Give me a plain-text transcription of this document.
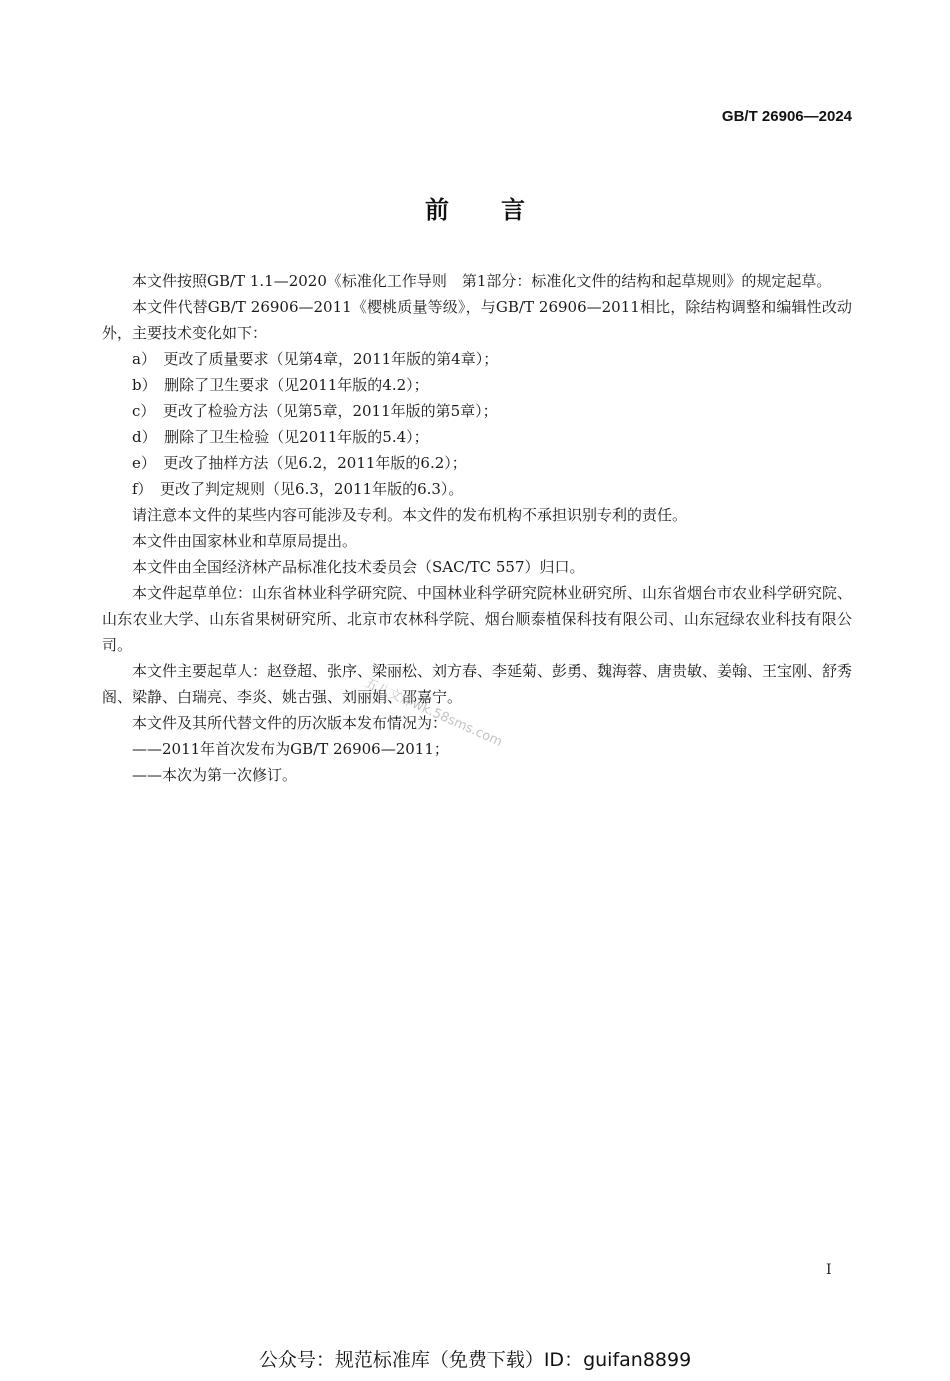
GB/T 26906—2024
前言

本文件按照GB/T 1.1—2020《标准化工作导则　第1部分：标准化文件的结构和起草规则》的规定起草。

本文件代替GB/T 26906—2011《樱桃质量等级》，与GB/T 26906—2011相比，除结构调整和编辑性改动外，主要技术变化如下：

a）　更改了质量要求（见第4章，2011年版的第4章）；

b）　删除了卫生要求（见2011年版的4.2）；

c）　更改了检验方法（见第5章，2011年版的第5章）；

d）　删除了卫生检验（见2011年版的5.4）；

e）　更改了抽样方法（见6.2，2011年版的6.2）；

f）　更改了判定规则（见6.3，2011年版的6.3）。

请注意本文件的某些内容可能涉及专利。本文件的发布机构不承担识别专利的责任。

本文件由国家林业和草原局提出。

本文件由全国经济林产品标准化技术委员会（SAC/TC 557）归口。

本文件起草单位：山东省林业科学研究院、中国林业科学研究院林业研究所、山东省烟台市农业科学研究院、山东农业大学、山东省果树研究所、北京市农林科学院、烟台顺泰植保科技有限公司、山东冠绿农业科技有限公司。

本文件主要起草人：赵登超、张序、梁丽松、刘方春、李延菊、彭勇、魏海蓉、唐贵敏、姜翰、王宝刚、舒秀阁、梁静、白瑞亮、李炎、姚古强、刘丽娟、邵嘉宁。

本文件及其所代替文件的历次版本发布情况为：

——2011年首次发布为GB/T 26906—2011；

——本次为第一次修订。

五八文库wk.58sms.com
I
公众号：规范标准库（免费下载）ID：guifan8899
